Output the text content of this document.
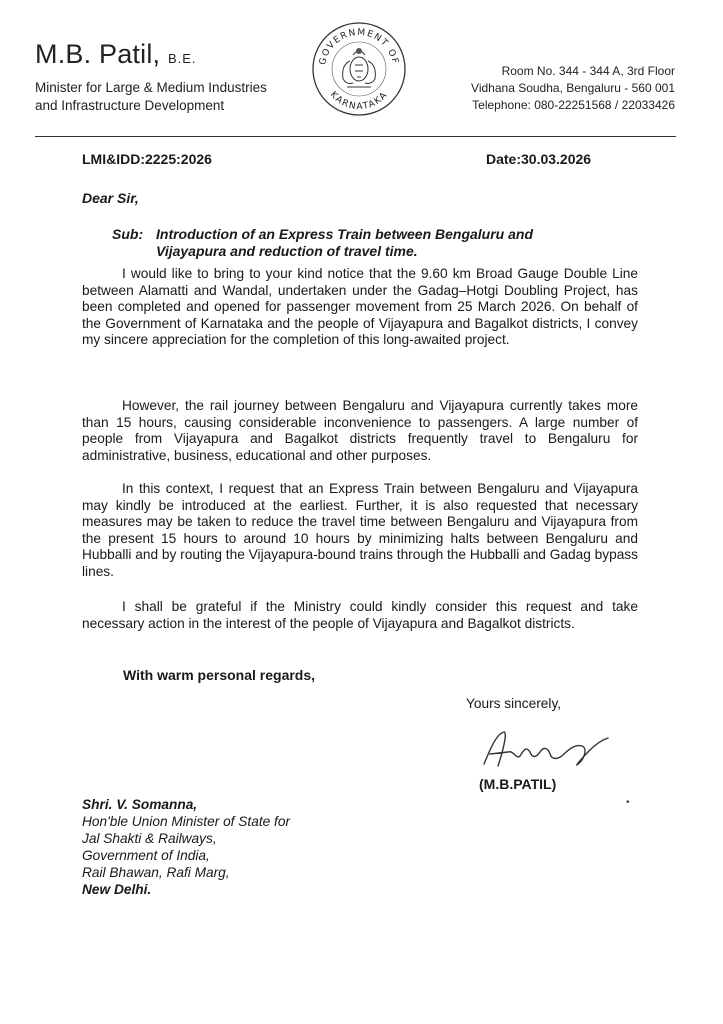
M.B. Patil, B.E.
Minister for Large & Medium Industries
and Infrastructure Development
GOVERNMENT OF
KARNATAKA
Room No. 344 - 344 A, 3rd Floor
Vidhana Soudha, Bengaluru - 560 001
Telephone: 080-22251568 / 22033426
LMI&IDD:2225:2026	Date:30.03.2026
Dear Sir,
Sub: Introduction of an Express Train between Bengaluru and
Vijayapura and reduction of travel time.
I would like to bring to your kind notice that the 9.60 km Broad Gauge Double Line between Alamatti and Wandal, undertaken under the Gadag–Hotgi Doubling Project, has been completed and opened for passenger movement from 25 March 2026. On behalf of the Government of Karnataka and the people of Vijayapura and Bagalkot districts, I convey my sincere appreciation for the completion of this long-awaited project.
However, the rail journey between Bengaluru and Vijayapura currently takes more than 15 hours, causing considerable inconvenience to passengers. A large number of people from Vijayapura and Bagalkot districts frequently travel to Bengaluru for administrative, business, educational and other purposes.
In this context, I request that an Express Train between Bengaluru and Vijayapura may kindly be introduced at the earliest. Further, it is also requested that necessary measures may be taken to reduce the travel time between Bengaluru and Vijayapura from the present 15 hours to around 10 hours by minimizing halts between Bengaluru and Hubballi and by routing the Vijayapura-bound trains through the Hubballi and Gadag bypass lines.
I shall be grateful if the Ministry could kindly consider this request and take necessary action in the interest of the people of Vijayapura and Bagalkot districts.
With warm personal regards,
Yours sincerely,
(M.B.PATIL)
•
Shri. V. Somanna,
Hon'ble Union Minister of State for
Jal Shakti & Railways,
Government of India,
Rail Bhawan, Rafi Marg,
New Delhi.
